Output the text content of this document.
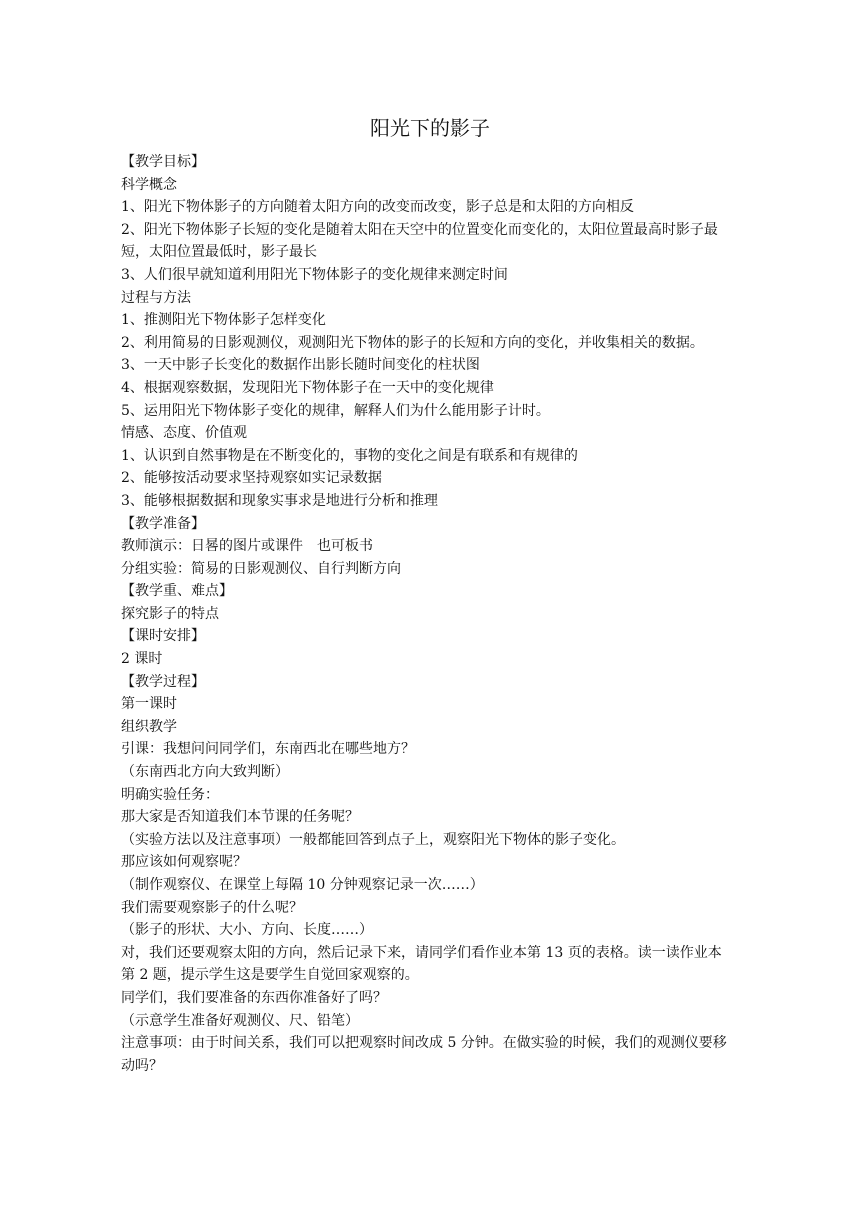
阳光下的影子

【教学目标】

科学概念

1、阳光下物体影子的方向随着太阳方向的改变而改变，影子总是和太阳的方向相反

2、阳光下物体影子长短的变化是随着太阳在天空中的位置变化而变化的，太阳位置最高时影子最短，太阳位置最低时，影子最长

3、人们很早就知道利用阳光下物体影子的变化规律来测定时间

过程与方法

1、推测阳光下物体影子怎样变化

2、利用简易的日影观测仪，观测阳光下物体的影子的长短和方向的变化，并收集相关的数据。

3、一天中影子长变化的数据作出影长随时间变化的柱状图

4、根据观察数据，发现阳光下物体影子在一天中的变化规律

5、运用阳光下物体影子变化的规律，解释人们为什么能用影子计时。

情感、态度、价值观

1、认识到自然事物是在不断变化的，事物的变化之间是有联系和有规律的

2、能够按活动要求坚持观察如实记录数据

3、能够根据数据和现象实事求是地进行分析和推理

【教学准备】

教师演示：日晷的图片或课件　也可板书

分组实验：简易的日影观测仪、自行判断方向

【教学重、难点】

探究影子的特点

【课时安排】

2 课时

【教学过程】

第一课时

组织教学

引课：我想问问同学们，东南西北在哪些地方？

（东南西北方向大致判断）

明确实验任务：

那大家是否知道我们本节课的任务呢？

（实验方法以及注意事项）一般都能回答到点子上，观察阳光下物体的影子变化。

那应该如何观察呢？

（制作观察仪、在课堂上每隔 10 分钟观察记录一次……）

我们需要观察影子的什么呢？

（影子的形状、大小、方向、长度……）

对，我们还要观察太阳的方向，然后记录下来，请同学们看作业本第 13 页的表格。读一读作业本第 2 题，提示学生这是要学生自觉回家观察的。

同学们，我们要准备的东西你准备好了吗？

（示意学生准备好观测仪、尺、铅笔）

注意事项：由于时间关系，我们可以把观察时间改成 5 分钟。在做实验的时候，我们的观测仪要移动吗？
